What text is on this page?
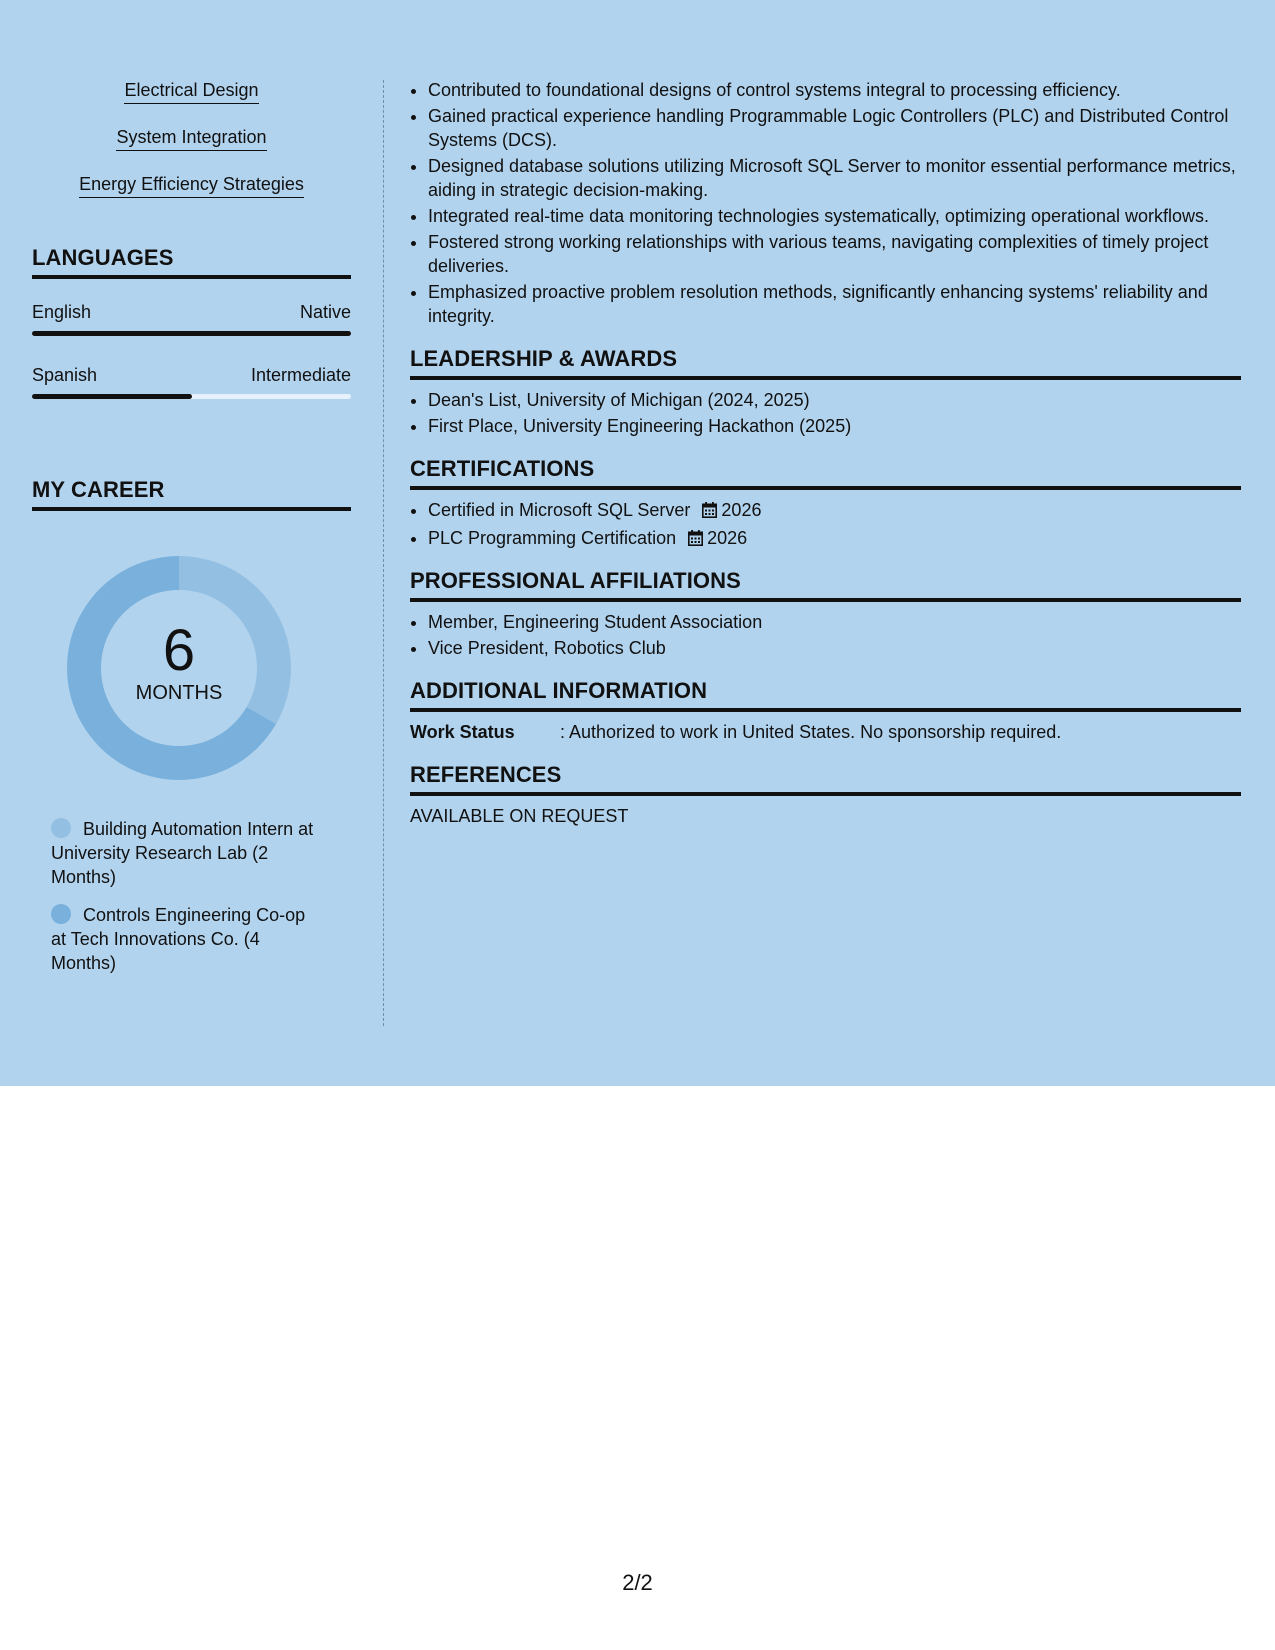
Electrical Design
System Integration
Energy Efficiency Strategies
LANGUAGES
English	Native
Spanish	Intermediate
MY CAREER
6
MONTHS
Building Automation Intern at University Research Lab (2 Months)
Controls Engineering Co-op at Tech Innovations Co. (4 Months)
• Contributed to foundational designs of control systems integral to processing efficiency.
• Gained practical experience handling Programmable Logic Controllers (PLC) and Distributed Control Systems (DCS).
• Designed database solutions utilizing Microsoft SQL Server to monitor essential performance metrics, aiding in strategic decision-making.
• Integrated real-time data monitoring technologies systematically, optimizing operational workflows.
• Fostered strong working relationships with various teams, navigating complexities of timely project deliveries.
• Emphasized proactive problem resolution methods, significantly enhancing systems' reliability and integrity.
LEADERSHIP & AWARDS
• Dean's List, University of Michigan (2024, 2025)
• First Place, University Engineering Hackathon (2025)
CERTIFICATIONS
• Certified in Microsoft SQL Server 2026
• PLC Programming Certification 2026
PROFESSIONAL AFFILIATIONS
• Member, Engineering Student Association
• Vice President, Robotics Club
ADDITIONAL INFORMATION
Work Status	: Authorized to work in United States. No sponsorship required.
REFERENCES
AVAILABLE ON REQUEST
2/2
